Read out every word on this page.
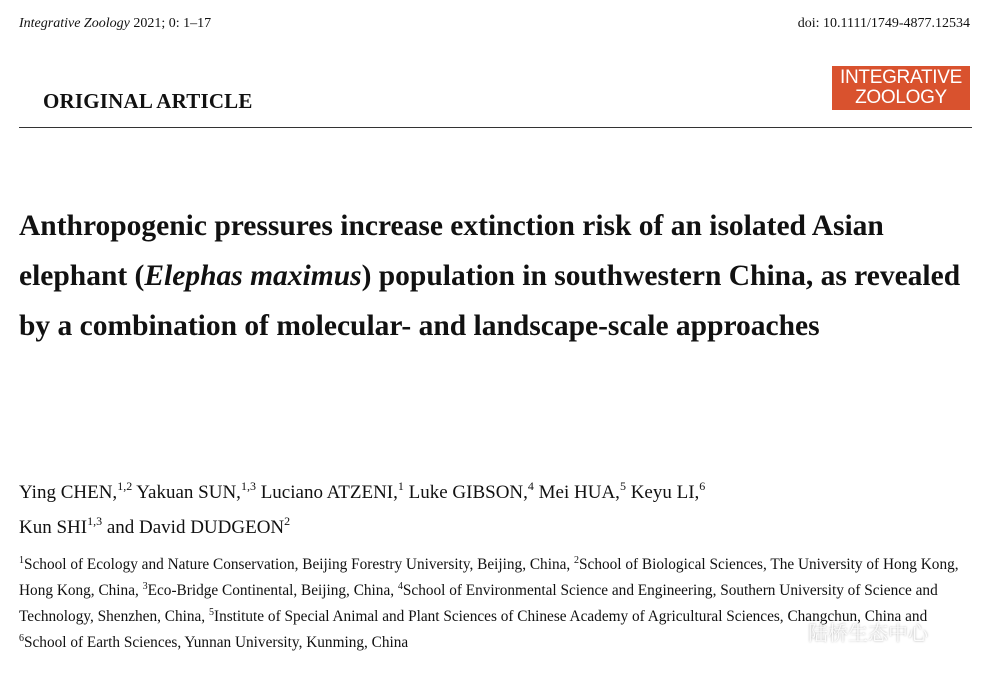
Integrative Zoology 2021; 0: 1–17	doi: 10.1111/1749-4877.12534
ORIGINAL ARTICLE
INTEGRATIVE
ZOOLOGY
Anthropogenic pressures increase extinction risk of an isolated Asian elephant (Elephas maximus) population in southwestern China, as revealed by a combination of molecular- and landscape-scale approaches
Ying CHEN,$^{1,2}$ Yakuan SUN,$^{1,3}$ Luciano ATZENI,$^1$ Luke GIBSON,$^4$ Mei HUA,$^5$ Keyu LI,$^6$
Kun SHI$^{1,3}$ and David DUDGEON$^2$
$^1$School of Ecology and Nature Conservation, Beijing Forestry University, Beijing, China, $^2$School of Biological Sciences, The University of Hong Kong, Hong Kong, China, $^3$Eco-Bridge Continental, Beijing, China, $^4$School of Environmental Science and Engineering, Southern University of Science and Technology, Shenzhen, China, $^5$Institute of Special Animal and Plant Sciences of Chinese Academy of Agricultural Sciences, Changchun, China and $^6$School of Earth Sciences, Yunnan University, Kunming, China	陆桥生态中心
